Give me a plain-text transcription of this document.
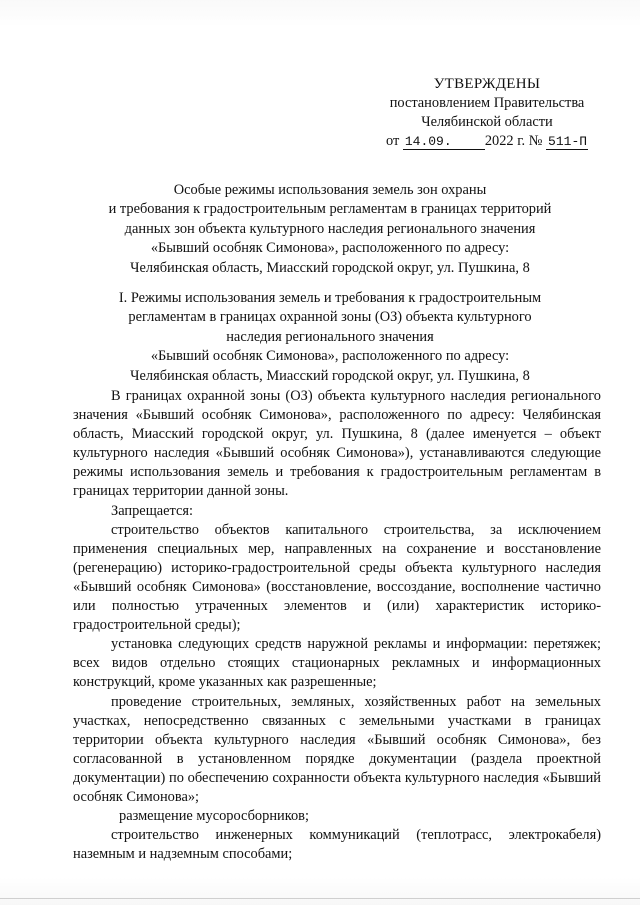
УТВЕРЖДЕНЫ
постановлением Правительства
Челябинской области
от 14.09. 2022 г. № 511-П

Особые режимы использования земель зон охраны

и требования к градостроительным регламентам в границах территорий

данных зон объекта культурного наследия регионального значения

«Бывший особняк Симонова», расположенного по адресу:

Челябинская область, Миасский городской округ, ул. Пушкина, 8

I. Режимы использования земель и требования к градостроительным

регламентам в границах охранной зоны (ОЗ) объекта культурного

наследия регионального значения

«Бывший особняк Симонова», расположенного по адресу:

Челябинская область, Миасский городской округ, ул. Пушкина, 8

В границах охранной зоны (ОЗ) объекта культурного наследия регионального значения «Бывший особняк Симонова», расположенного по адресу: Челябинская область, Миасский городской округ, ул. Пушкина, 8 (далее именуется – объект культурного наследия «Бывший особняк Симонова»), устанавливаются следующие режимы использования земель и требования к градостроительным регламентам в границах территории данной зоны.

Запрещается:

строительство объектов капитального строительства, за исключением применения специальных мер, направленных на сохранение и восстановление (регенерацию) историко-градостроительной среды объекта культурного наследия «Бывший особняк Симонова» (восстановление, воссоздание, восполнение частично или полностью утраченных элементов и (или) характеристик историко-градостроительной среды);

установка следующих средств наружной рекламы и информации: перетяжек; всех видов отдельно стоящих стационарных рекламных и информационных конструкций, кроме указанных как разрешенные;

проведение строительных, земляных, хозяйственных работ на земельных участках, непосредственно связанных с земельными участками в границах территории объекта культурного наследия «Бывший особняк Симонова», без согласованной в установленном порядке документации (раздела проектной документации) по обеспечению сохранности объекта культурного наследия «Бывший особняк Симонова»;

размещение мусоросборников;

строительство инженерных коммуникаций (теплотрасс, электрокабеля) наземным и надземным способами;
